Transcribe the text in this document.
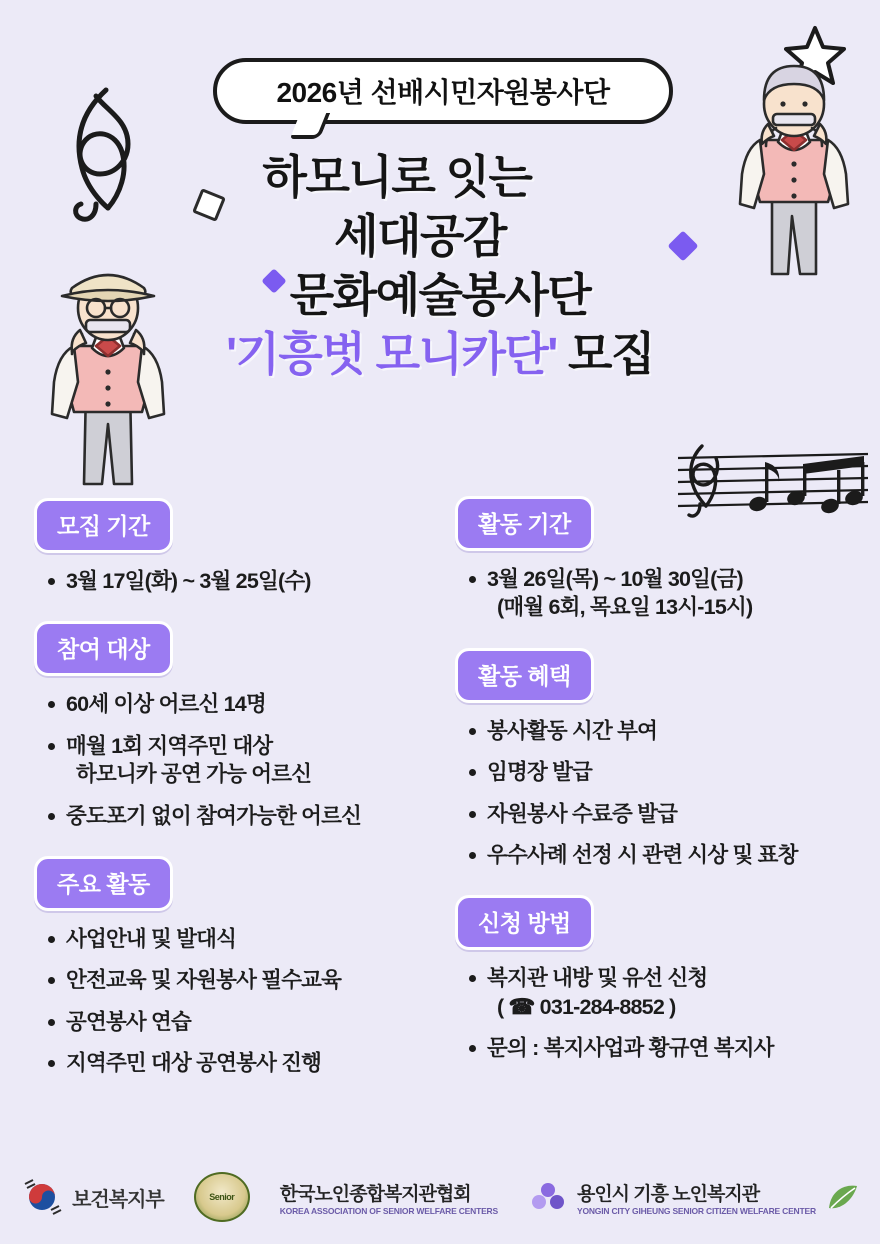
2026년 선배시민자원봉사단
하모니로 잇는
세대공감
문화예술봉사단
'기흥벗 모니카단' 모집
모집 기간
3월 17일(화) ~ 3월 25일(수)
참여 대상
60세 이상 어르신 14명
매월 1회 지역주민 대상
하모니카 공연 가능 어르신
중도포기 없이 참여가능한 어르신
주요 활동
사업안내 및 발대식
안전교육 및 자원봉사 필수교육
공연봉사 연습
지역주민 대상 공연봉사 진행
활동 기간
3월 26일(목) ~ 10월 30일(금)
(매월 6회, 목요일 13시-15시)
활동 혜택
봉사활동 시간 부여
임명장 발급
자원봉사 수료증 발급
우수사례 선정 시 관련 시상 및 표창
신청 방법
복지관 내방 및 유선 신청
( ☎ 031-284-8852 )
문의 : 복지사업과 황규연 복지사
보건복지부	Senior 한국노인종합복지관협회
KOREA ASSOCIATION OF SENIOR WELFARE CENTERS
용인시 기흥 노인복지관
YONGIN CITY GIHEUNG SENIOR CITIZEN WELFARE CENTER
